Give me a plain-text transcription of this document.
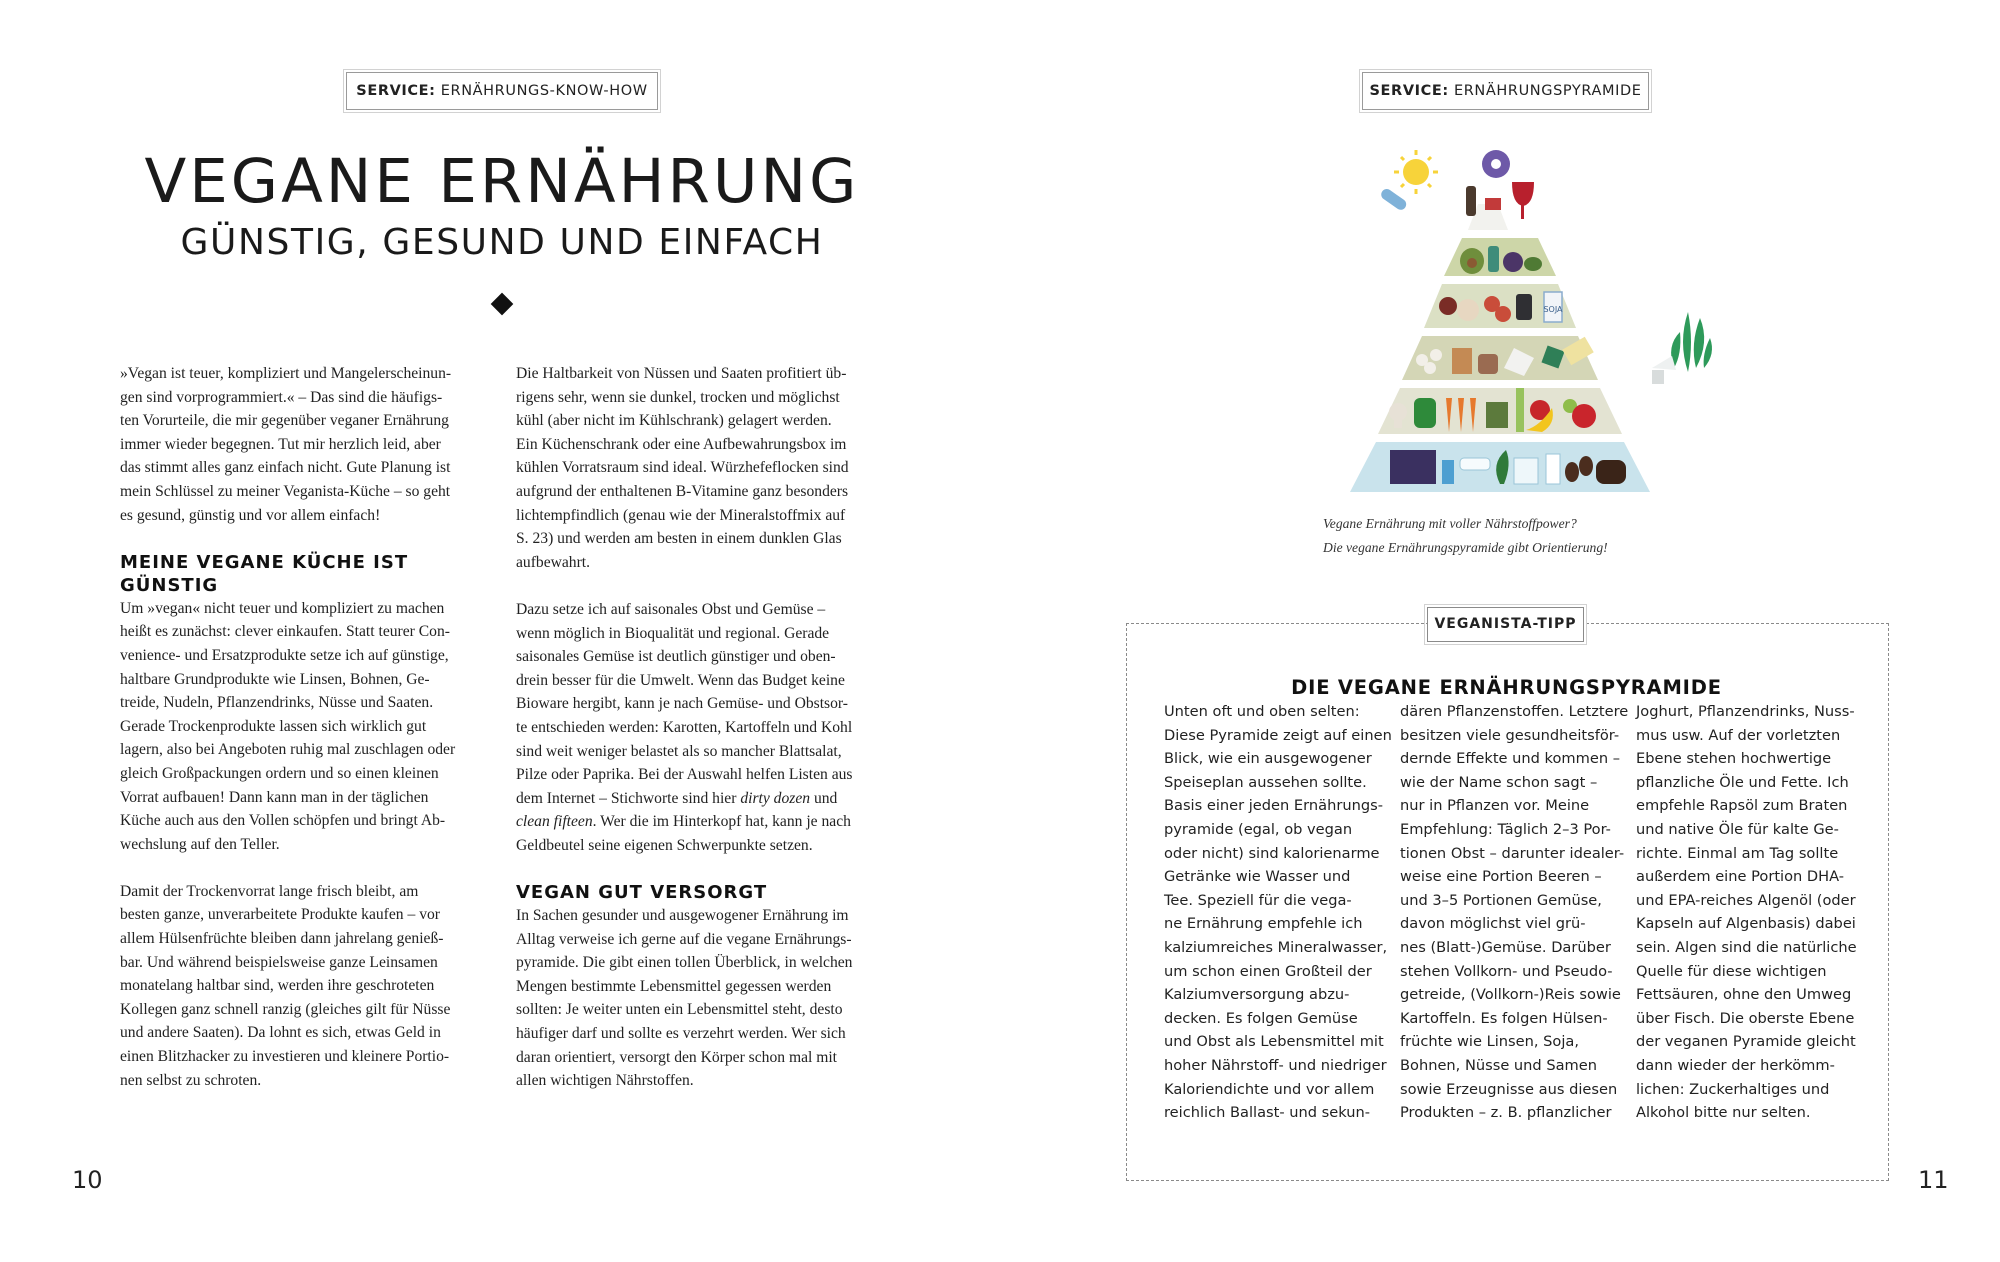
SERVICE: ERNÄHRUNGS-KNOW-HOW
VEGANE ERNÄHRUNG
GÜNSTIG, GESUND UND EINFACH

»Vegan ist teuer, kompliziert und Mangelerscheinun-
gen sind vorprogrammiert.« – Das sind die häufigs-
ten Vorurteile, die mir gegenüber veganer Ernährung
immer wieder begegnen. Tut mir herzlich leid, aber
das stimmt alles ganz einfach nicht. Gute Planung ist
mein Schlüssel zu meiner Veganista-Küche – so geht
es gesund, günstig und vor allem einfach!

MEINE VEGANE KÜCHE IST
GÜNSTIG

Um »vegan« nicht teuer und kompliziert zu machen
heißt es zunächst: clever einkaufen. Statt teurer Con-
venience- und Ersatzprodukte setze ich auf günstige,
haltbare Grundprodukte wie Linsen, Bohnen, Ge-
treide, Nudeln, Pflanzendrinks, Nüsse und Saaten.
Gerade Trockenprodukte lassen sich wirklich gut
lagern, also bei Angeboten ruhig mal zuschlagen oder
gleich Großpackungen ordern und so einen kleinen
Vorrat aufbauen! Dann kann man in der täglichen
Küche auch aus den Vollen schöpfen und bringt Ab-
wechslung auf den Teller.

Damit der Trockenvorrat lange frisch bleibt, am
besten ganze, unverarbeitete Produkte kaufen – vor
allem Hülsenfrüchte bleiben dann jahrelang genieß-
bar. Und während beispielsweise ganze Leinsamen
monatelang haltbar sind, werden ihre geschroteten
Kollegen ganz schnell ranzig (gleiches gilt für Nüsse
und andere Saaten). Da lohnt es sich, etwas Geld in
einen Blitzhacker zu investieren und kleinere Portio-
nen selbst zu schroten.

Die Haltbarkeit von Nüssen und Saaten profitiert üb-
rigens sehr, wenn sie dunkel, trocken und möglichst
kühl (aber nicht im Kühlschrank) gelagert werden.
Ein Küchenschrank oder eine Aufbewahrungsbox im
kühlen Vorratsraum sind ideal. Würzhefeflocken sind
aufgrund der enthaltenen B-Vitamine ganz besonders
lichtempfindlich (genau wie der Mineralstoffmix auf
S. 23) und werden am besten in einem dunklen Glas
aufbewahrt.

Dazu setze ich auf saisonales Obst und Gemüse –
wenn möglich in Bioqualität und regional. Gerade
saisonales Gemüse ist deutlich günstiger und oben-
drein besser für die Umwelt. Wenn das Budget keine
Bioware hergibt, kann je nach Gemüse- und Obstsor-
te entschieden werden: Karotten, Kartoffeln und Kohl
sind weit weniger belastet als so mancher Blattsalat,
Pilze oder Paprika. Bei der Auswahl helfen Listen aus
dem Internet – Stichworte sind hier dirty dozen und
clean fifteen. Wer die im Hinterkopf hat, kann je nach
Geldbeutel seine eigenen Schwerpunkte setzen.

VEGAN GUT VERSORGT

In Sachen gesunder und ausgewogener Ernährung im
Alltag verweise ich gerne auf die vegane Ernährungs-
pyramide. Die gibt einen tollen Überblick, in welchen
Mengen bestimmte Lebensmittel gegessen werden
sollten: Je weiter unten ein Lebensmittel steht, desto
häufiger darf und sollte es verzehrt werden. Wer sich
daran orientiert, versorgt den Körper schon mal mit
allen wichtigen Nährstoffen.

10
SERVICE: ERNÄHRUNGSPYRAMIDE
SOJA
Vegane Ernährung mit voller Nährstoffpower?
Die vegane Ernährungspyramide gibt Orientierung!
VEGANISTA-TIPP
DIE VEGANE ERNÄHRUNGSPYRAMIDE
Unten oft und oben selten:
Diese Pyramide zeigt auf einen
Blick, wie ein ausgewogener
Speiseplan aussehen sollte.
Basis einer jeden Ernährungs-
pyramide (egal, ob vegan
oder nicht) sind kalorienarme
Getränke wie Wasser und
Tee. Speziell für die vega-
ne Ernährung empfehle ich
kalziumreiches Mineralwasser,
um schon einen Großteil der
Kalziumversorgung abzu-
decken. Es folgen Gemüse
und Obst als Lebensmittel mit
hoher Nährstoff- und niedriger
Kaloriendichte und vor allem
reichlich Ballast- und sekun-
dären Pflanzenstoffen. Letztere
besitzen viele gesundheitsför-
dernde Effekte und kommen –
wie der Name schon sagt –
nur in Pflanzen vor. Meine
Empfehlung: Täglich 2–3 Por-
tionen Obst – darunter idealer-
weise eine Portion Beeren –
und 3–5 Portionen Gemüse,
davon möglichst viel grü-
nes (Blatt-)Gemüse. Darüber
stehen Vollkorn- und Pseudo-
getreide, (Vollkorn-)Reis sowie
Kartoffeln. Es folgen Hülsen-
früchte wie Linsen, Soja,
Bohnen, Nüsse und Samen
sowie Erzeugnisse aus diesen
Produkten – z. B. pflanzlicher
Joghurt, Pflanzendrinks, Nuss-
mus usw. Auf der vorletzten
Ebene stehen hochwertige
pflanzliche Öle und Fette. Ich
empfehle Rapsöl zum Braten
und native Öle für kalte Ge-
richte. Einmal am Tag sollte
außerdem eine Portion DHA-
und EPA-reiches Algenöl (oder
Kapseln auf Algenbasis) dabei
sein. Algen sind die natürliche
Quelle für diese wichtigen
Fettsäuren, ohne den Umweg
über Fisch. Die oberste Ebene
der veganen Pyramide gleicht
dann wieder der herkömm-
lichen: Zuckerhaltiges und
Alkohol bitte nur selten.
11
